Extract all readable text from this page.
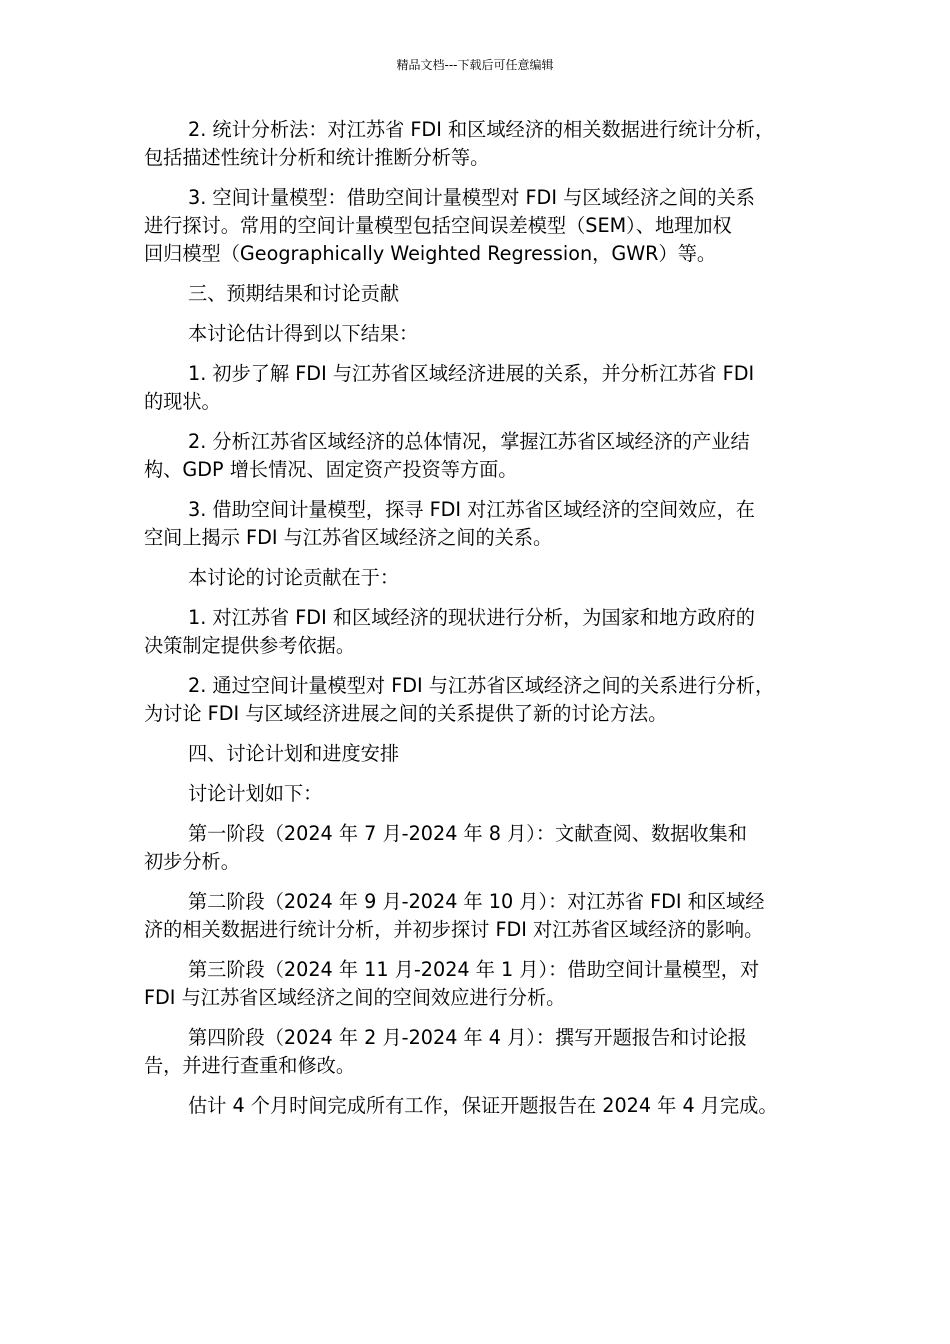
精品文档---下载后可任意编辑
2. 统计分析法：对江苏省 FDI 和区域经济的相关数据进行统计分析，
包括描述性统计分析和统计推断分析等。
3. 空间计量模型：借助空间计量模型对 FDI 与区域经济之间的关系
进行探讨。常用的空间计量模型包括空间误差模型（SEM）、地理加权
回归模型（Geographically Weighted Regression，GWR）等。
三、预期结果和讨论贡献
本讨论估计得到以下结果：
1. 初步了解 FDI 与江苏省区域经济进展的关系，并分析江苏省 FDI
的现状。
2. 分析江苏省区域经济的总体情况，掌握江苏省区域经济的产业结
构、GDP 增长情况、固定资产投资等方面。
3. 借助空间计量模型，探寻 FDI 对江苏省区域经济的空间效应，在
空间上揭示 FDI 与江苏省区域经济之间的关系。
本讨论的讨论贡献在于：
1. 对江苏省 FDI 和区域经济的现状进行分析，为国家和地方政府的
决策制定提供参考依据。
2. 通过空间计量模型对 FDI 与江苏省区域经济之间的关系进行分析，
为讨论 FDI 与区域经济进展之间的关系提供了新的讨论方法。
四、讨论计划和进度安排
讨论计划如下：
第一阶段（2024 年 7 月-2024 年 8 月）：文献查阅、数据收集和
初步分析。
第二阶段（2024 年 9 月-2024 年 10 月）：对江苏省 FDI 和区域经
济的相关数据进行统计分析，并初步探讨 FDI 对江苏省区域经济的影响。
第三阶段（2024 年 11 月-2024 年 1 月）：借助空间计量模型，对
FDI 与江苏省区域经济之间的空间效应进行分析。
第四阶段（2024 年 2 月-2024 年 4 月）：撰写开题报告和讨论报
告，并进行查重和修改。
估计 4 个月时间完成所有工作，保证开题报告在 2024 年 4 月完成。
